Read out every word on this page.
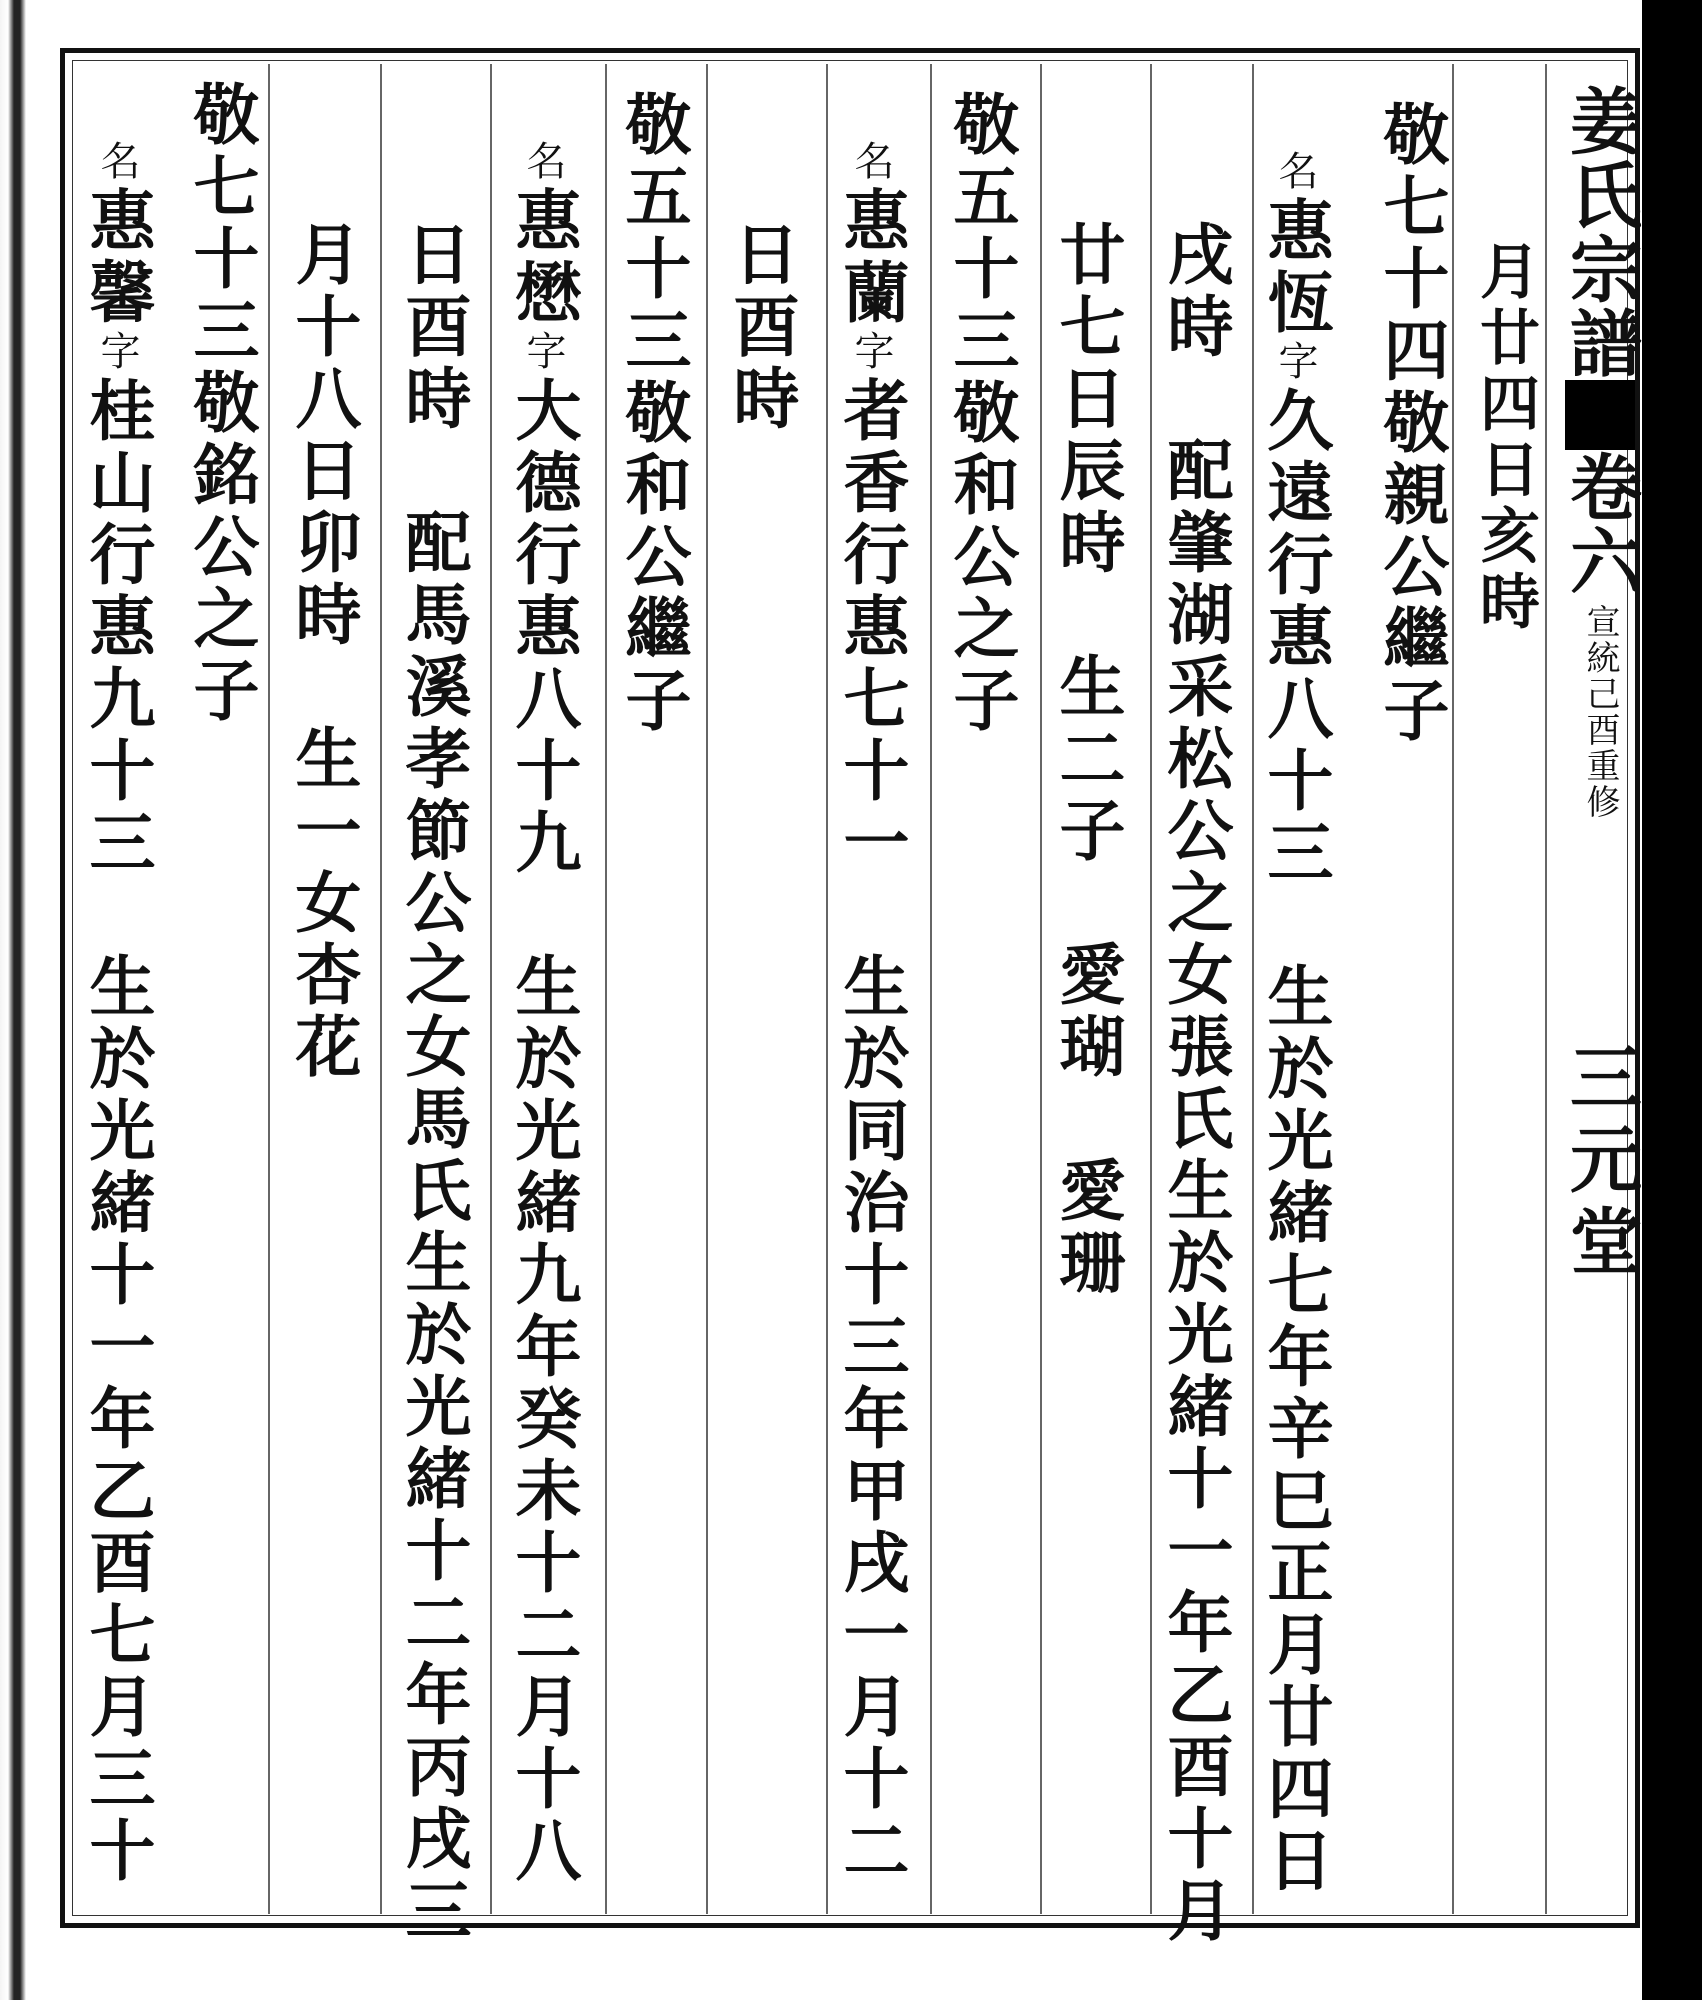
姜氏宗譜卷六宣統己酉重修三元堂
月廿四日亥時
敬七十四敬親公繼子
名惠恆字久遠行惠八十三　生於光緒七年辛巳正月廿四日
戌時　配肇湖采松公之女張氏生於光緒十一年乙酉十月
廿七日辰時　生二子　愛瑚　愛珊
敬五十三敬和公之子
名惠蘭字者香行惠七十一　生於同治十三年甲戌一月十二
日酉時
敬五十三敬和公繼子
名惠懋字大德行惠八十九　生於光緒九年癸未十二月十八
日酉時　配馬溪孝節公之女馬氏生於光緒十二年丙戌三
月十八日卯時　生一女杏花
敬七十三敬銘公之子
名惠馨字桂山行惠九十三　生於光緒十一年乙酉七月三十
